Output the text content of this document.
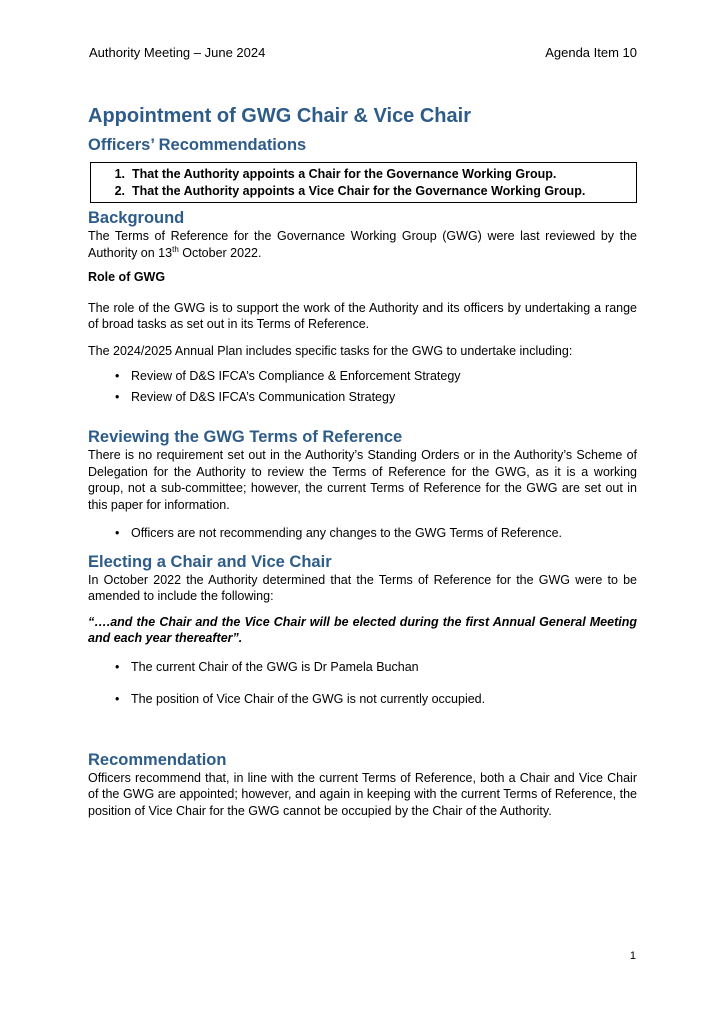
Authority Meeting – June 2024	Agenda Item 10
Appointment of GWG Chair & Vice Chair
Officers’ Recommendations
1. That the Authority appoints a Chair for the Governance Working Group.
2. That the Authority appoints a Vice Chair for the Governance Working Group.
Background

The Terms of Reference for the Governance Working Group (GWG) were last reviewed by the Authority on 13th October 2022.

Role of GWG

The role of the GWG is to support the work of the Authority and its officers by undertaking a range of broad tasks as set out in its Terms of Reference.

The 2024/2025 Annual Plan includes specific tasks for the GWG to undertake including:

• Review of D&S IFCA’s Compliance & Enforcement Strategy
• Review of D&S IFCA’s Communication Strategy
Reviewing the GWG Terms of Reference

There is no requirement set out in the Authority’s Standing Orders or in the Authority’s Scheme of Delegation for the Authority to review the Terms of Reference for the GWG, as it is a working group, not a sub-committee; however, the current Terms of Reference for the GWG are set out in this paper for information.

• Officers are not recommending any changes to the GWG Terms of Reference.
Electing a Chair and Vice Chair

In October 2022 the Authority determined that the Terms of Reference for the GWG were to be amended to include the following:

“….and the Chair and the Vice Chair will be elected during the first Annual General Meeting and each year thereafter”.

• The current Chair of the GWG is Dr Pamela Buchan
• The position of Vice Chair of the GWG is not currently occupied.
Recommendation

Officers recommend that, in line with the current Terms of Reference, both a Chair and Vice Chair of the GWG are appointed; however, and again in keeping with the current Terms of Reference, the position of Vice Chair for the GWG cannot be occupied by the Chair of the Authority.

1
